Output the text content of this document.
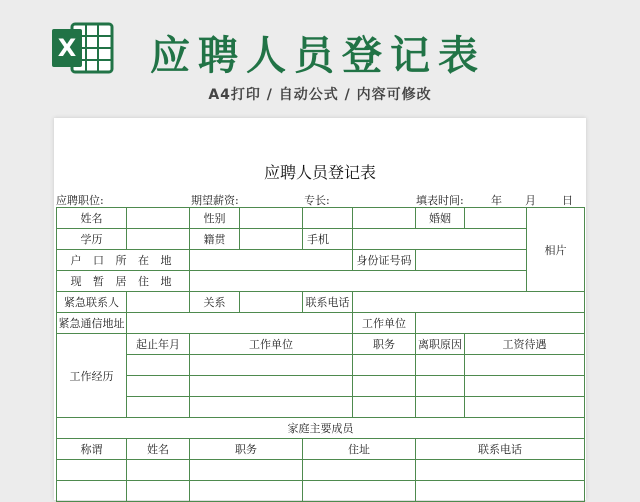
X 应聘人员登记表
A4打印 / 自动公式 / 内容可修改
应聘人员登记表
应聘职位:	期望薪资:	专长:	填表时间: 年 月 日
姓名		性别				婚姻		相片
学历		籍贯		手机				
户 口 所 在 地					身份证号码			
现 暂 居 住 地								
紧急联系人		关系		联系电话				
紧急通信地址					工作单位			
工作经历	起止年月	工作单位			职务	离职原因	工资待遇	

家庭主要成员								
称谓	姓名	职务		住址		联系电话		
